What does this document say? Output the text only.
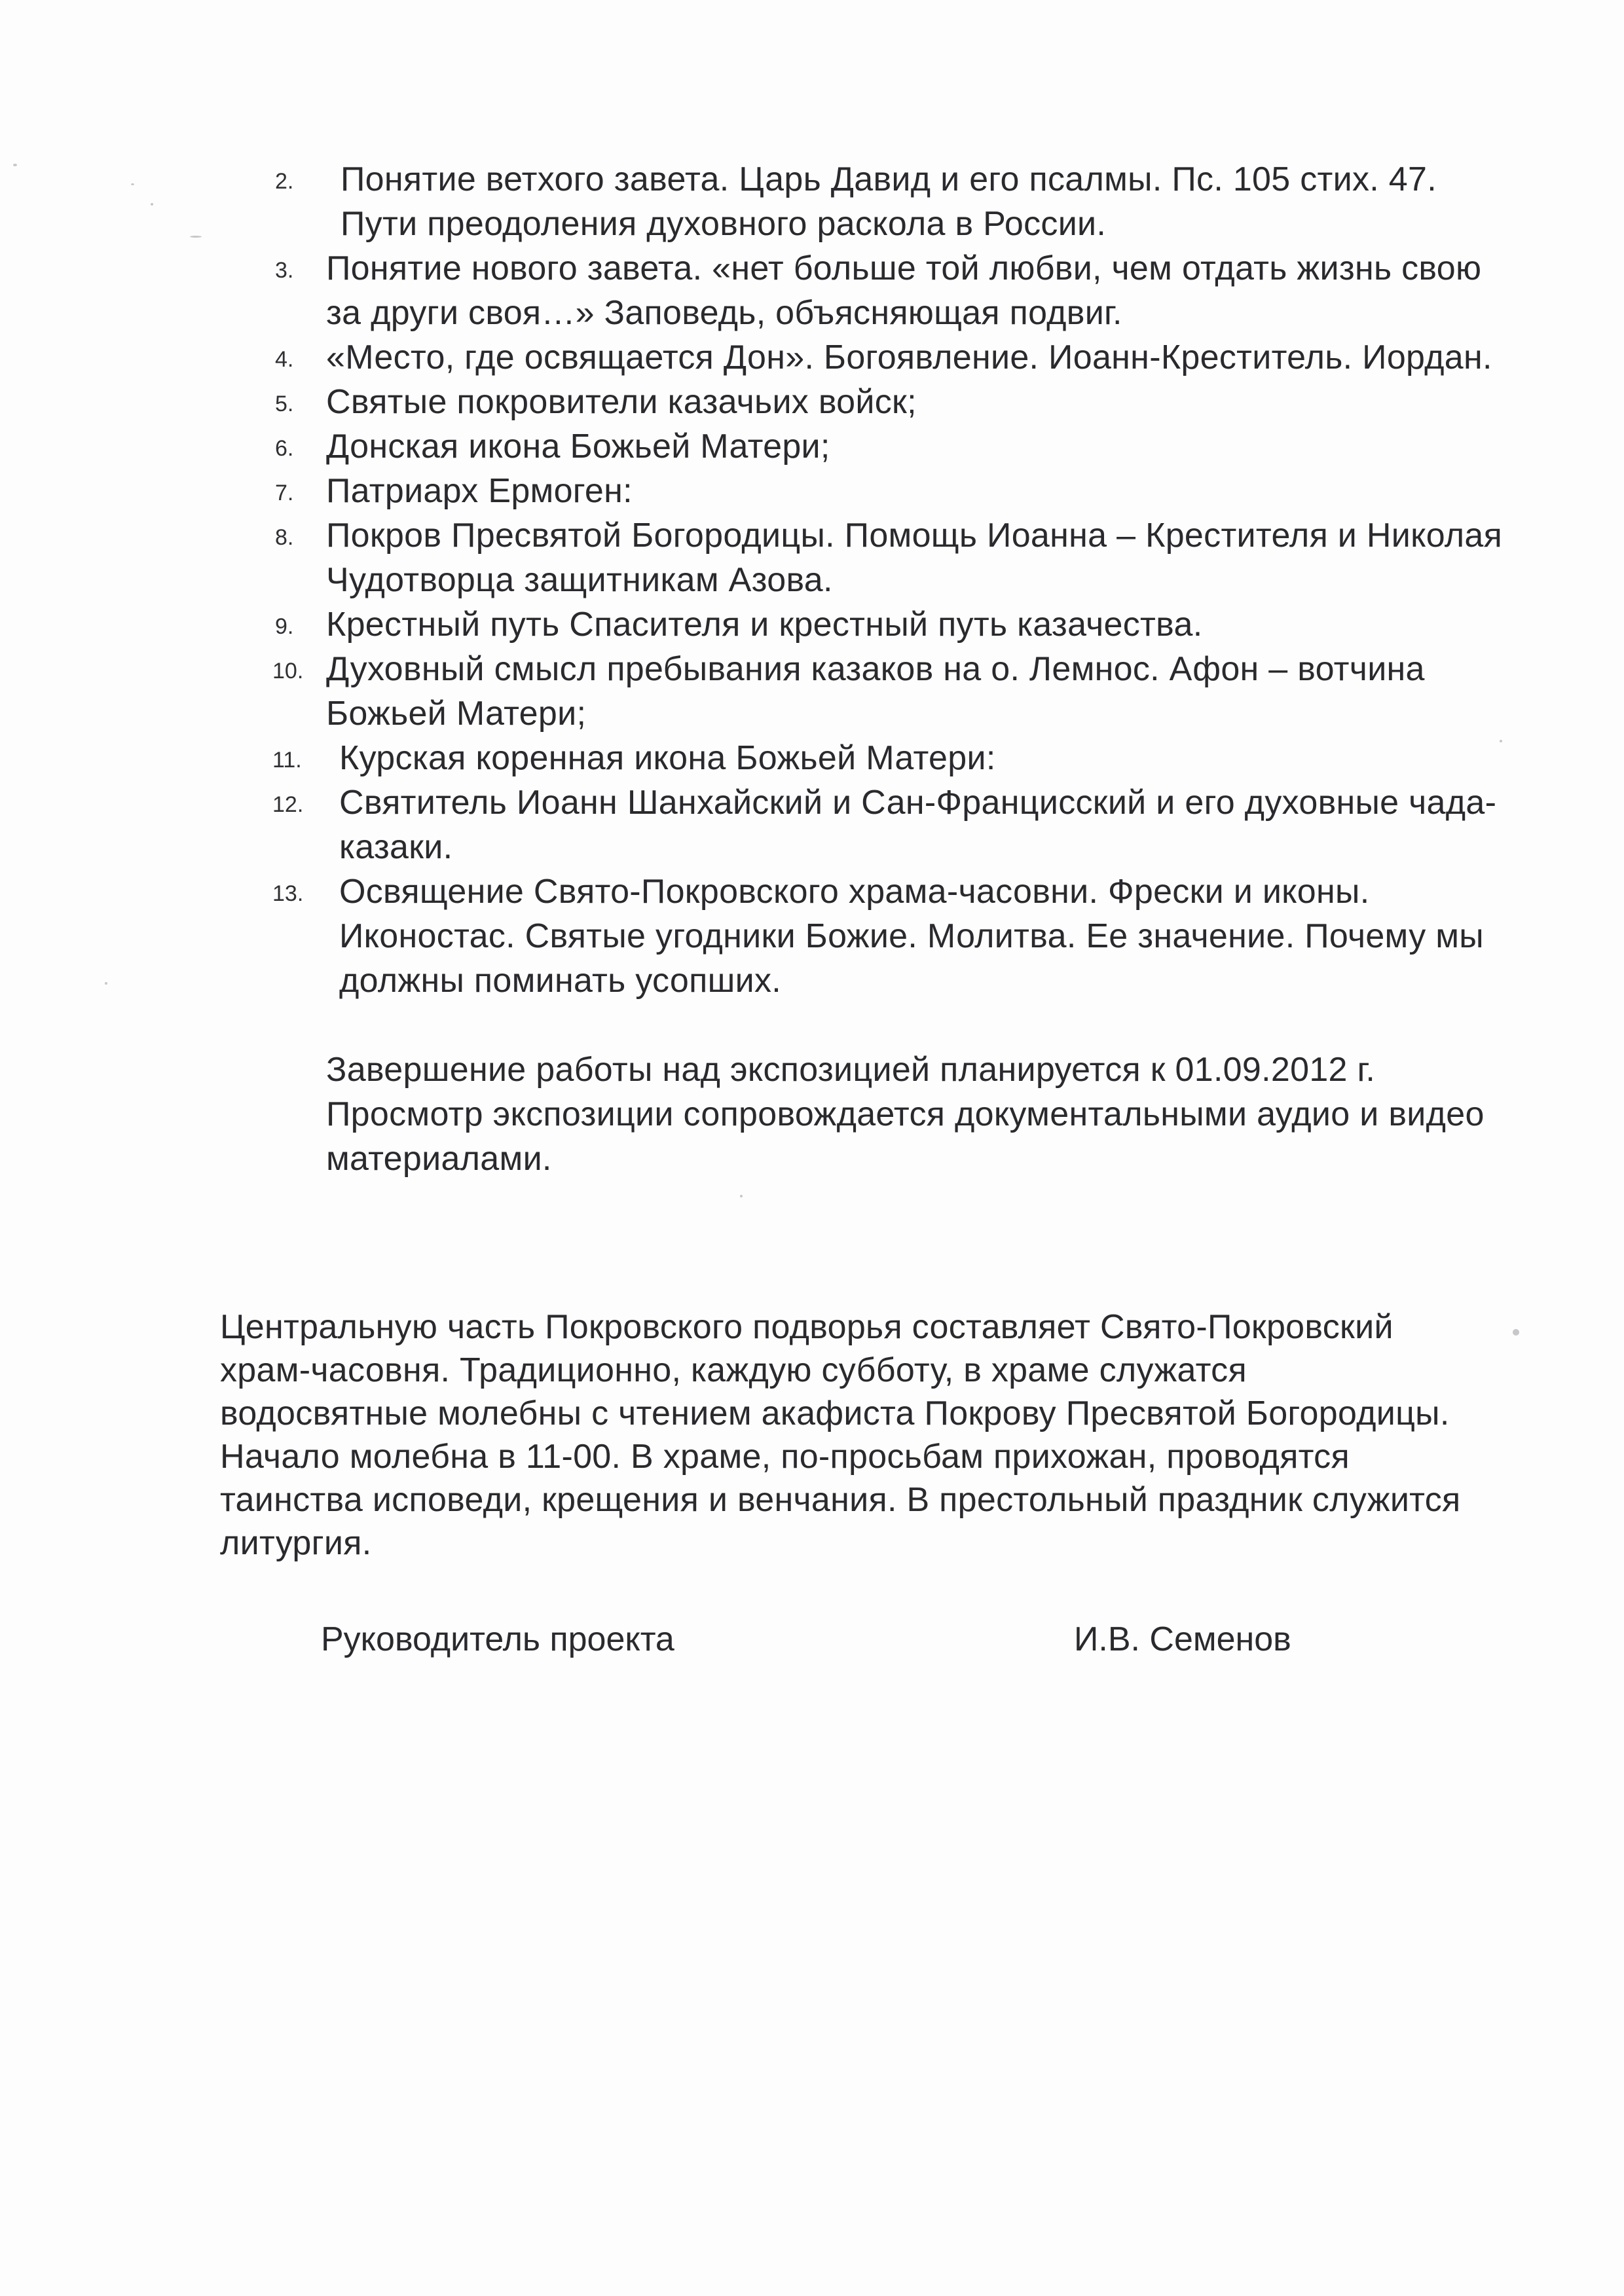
2.	Понятие ветхого завета. Царь Давид и его псалмы. Пс. 105 стих. 47. Пути преодоления духовного раскола в России.
3. Понятие нового завета. «нет больше той любви, чем отдать жизнь свою за други своя…» Заповедь, объясняющая подвиг.
4. «Место, где освящается Дон». Богоявление. Иоанн-Креститель. Иордан.
5. Святые покровители казачьих войск;
6. Донская икона Божьей Матери;
7. Патриарх Ермоген:
8. Покров Пресвятой Богородицы. Помощь Иоанна – Крестителя и Николая Чудотворца защитникам Азова.
9. Крестный путь Спасителя и крестный путь казачества.
10. Духовный смысл пребывания казаков на о. Лемнос. Афон – вотчина Божьей Матери;
11.	Курская коренная икона Божьей Матери:
12.	Святитель Иоанн Шанхайский и Сан-Францисский и его духовные чада-казаки.
13.	Освящение Свято-Покровского храма-часовни. Фрески и иконы. Иконостас. Святые угодники Божие. Молитва. Ее значение. Почему мы должны поминать усопших.

Завершение работы над экспозицией планируется к 01.09.2012 г.

Просмотр экспозиции сопровождается документальными аудио и видео материалами.

Центральную часть Покровского подворья составляет Свято-Покровский храм-часовня. Традиционно, каждую субботу, в храме служатся водосвятные молебны с чтением акафиста Покрову Пресвятой Богородицы. Начало молебна в 11-00. В храме, по-просьбам прихожан, проводятся таинства исповеди, крещения и венчания. В престольный праздник служится литургия.

Руководитель проекта	И.В. Семенов
